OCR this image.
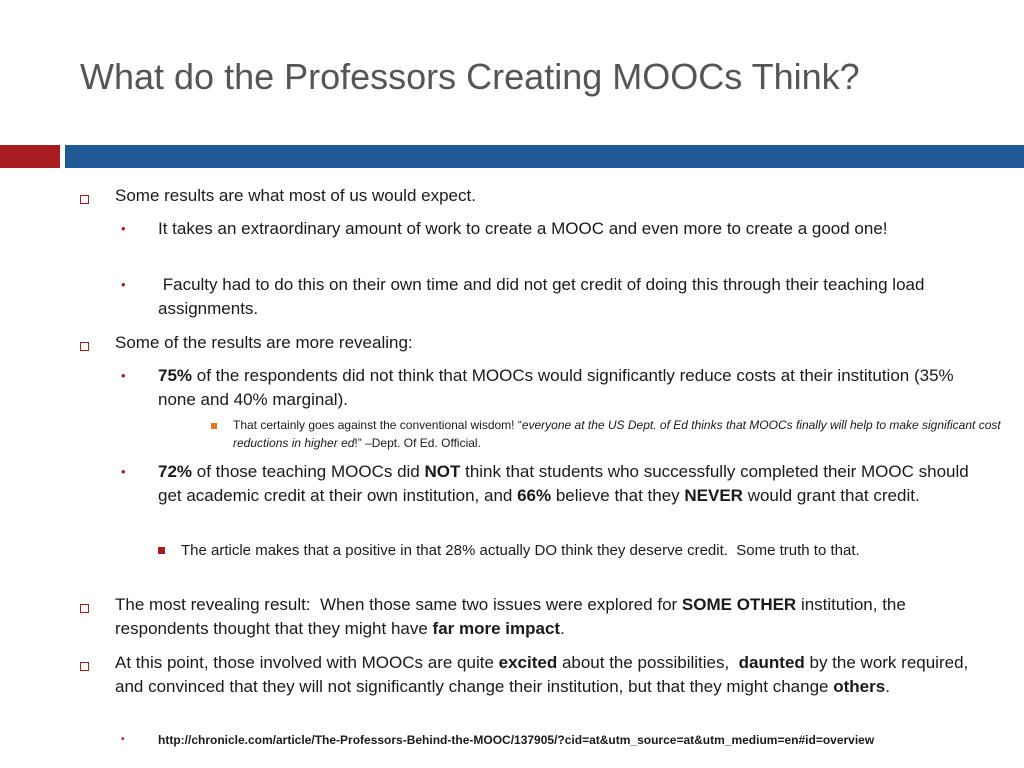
What do the Professors Creating MOOCs Think?
Some results are what most of us would expect.
• It takes an extraordinary amount of work to create a MOOC and even more to create a good one!
• Faculty had to do this on their own time and did not get credit of doing this through their teaching load assignments.
Some of the results are more revealing:
• 75% of the respondents did not think that MOOCs would significantly reduce costs at their institution (35% none and 40% marginal).
That certainly goes against the conventional wisdom! “everyone at the US Dept. of Ed thinks that MOOCs finally will help to make significant cost reductions in higher ed!” –Dept. Of Ed. Official.
• 72% of those teaching MOOCs did NOT think that students who successfully completed their MOOC should get academic credit at their own institution, and 66% believe that they NEVER would grant that credit.
The article makes that a positive in that 28% actually DO think they deserve credit.  Some truth to that.
The most revealing result:  When those same two issues were explored for SOME OTHER institution, the respondents thought that they might have far more impact.
At this point, those involved with MOOCs are quite excited about the possibilities,  daunted by the work required, and convinced that they will not significantly change their institution, but that they might change others.
•	http://chronicle.com/article/The-Professors-Behind-the-MOOC/137905/?cid=at&utm_source=at&utm_medium=en#id=overview
